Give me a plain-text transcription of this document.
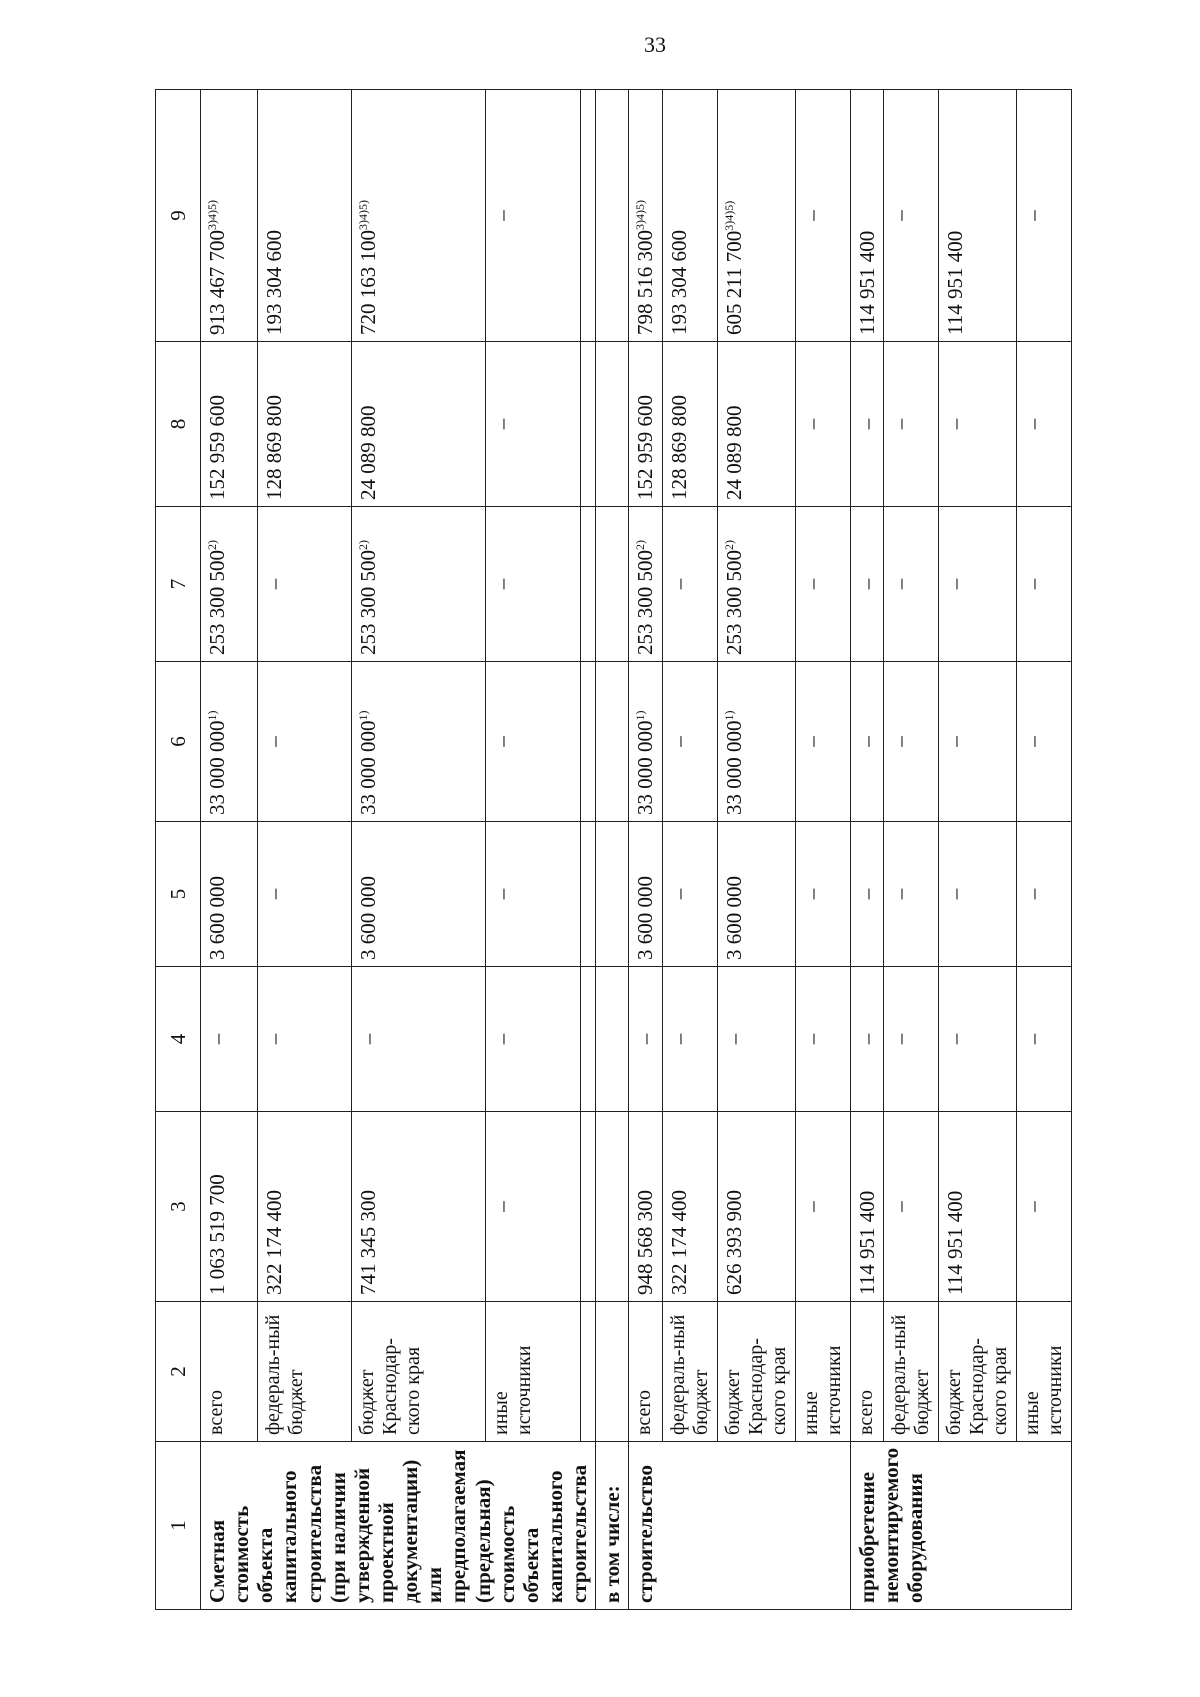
33
1	2	3	4	5	6	7	8	9
Сметная стоимость объекта капитального строительства (при наличии утвержденной проектной документации) или предполагаемая (предельная) стоимость объекта капитального строительства	всего	1 063 519 700	–	3 600 000	33 000 000$^{1)}$	253 300 500$^{2)}$	152 959 600	913 467 $700^{3)4)5)}$
	федераль-ный бюджет	322 174 400	–	–	–	–	128 869 800	193 304 600
	бюджет Краснодар-ского края	741 345 300	–	3 600 000	33 000 000$^{1)}$	253 300 500$^{2)}$	24 089 800	720 163 $100^{3)4)5)}$
	иные источники	–	–	–	–	–	–	–

в том числе:								
строительство	всего	948 568 300	–	3 600 000	33 000 000$^{1)}$	253 300 500$^{2)}$	152 959 600	798 516 $300^{3)4)5)}$
	федераль-ный бюджет	322 174 400	–	–	–	–	128 869 800	193 304 600
	бюджет Краснодар-ского края	626 393 900	–	3 600 000	33 000 000$^{1)}$	253 300 500$^{2)}$	24 089 800	605 211 $700^{3)4)5)}$
	иные источники	–	–	–	–	–	–	–
приобретение немонтируемого оборудования	всего	114 951 400	–	–	–	–	–	114 951 400
	федераль-ный бюджет	–	–	–	–	–	–	–
	бюджет Краснодар-ского края	114 951 400	–	–	–	–	–	114 951 400
	иные источники	–	–	–	–	–	–	–
